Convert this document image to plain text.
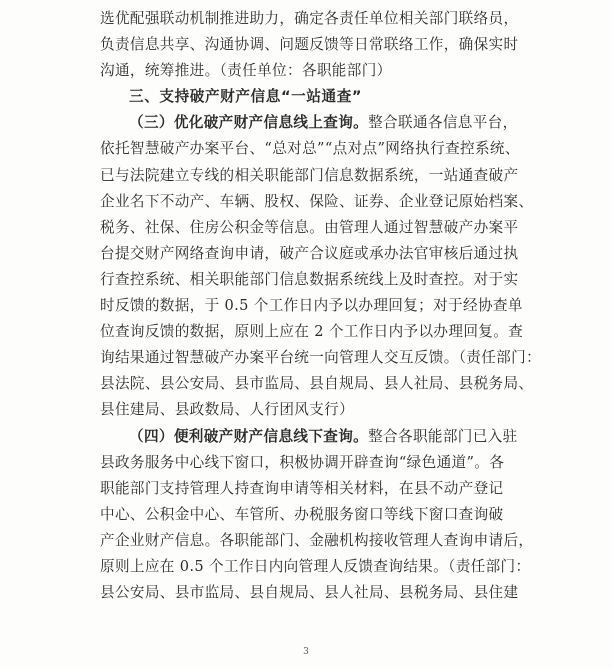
选优配强联动机制推进助力，确定各责任单位相关部门联络员，
负责信息共享、沟通协调、问题反馈等日常联络工作，确保实时
沟通，统筹推进。（责任单位：各职能部门）
三、支持破产财产信息“一站通查”
（三）优化破产财产信息线上查询。整合联通各信息平台，
依托智慧破产办案平台、“总对总”“点对点”网络执行查控系统、
已与法院建立专线的相关职能部门信息数据系统，一站通查破产
企业名下不动产、车辆、股权、保险、证券、企业登记原始档案、
税务、社保、住房公积金等信息。由管理人通过智慧破产办案平
台提交财产网络查询申请，破产合议庭或承办法官审核后通过执
行查控系统、相关职能部门信息数据系统线上及时查控。对于实
时反馈的数据，于 0.5 个工作日内予以办理回复；对于经协查单
位查询反馈的数据，原则上应在 2 个工作日内予以办理回复。查
询结果通过智慧破产办案平台统一向管理人交互反馈。（责任部门：
县法院、县公安局、县市监局、县自规局、县人社局、县税务局、
县住建局、县政数局、人行团风支行）
（四）便利破产财产信息线下查询。整合各职能部门已入驻
县政务服务中心线下窗口，积极协调开辟查询“绿色通道”。各
职能部门支持管理人持查询申请等相关材料，在县不动产登记
中心、公积金中心、车管所、办税服务窗口等线下窗口查询破
产企业财产信息。各职能部门、金融机构接收管理人查询申请后，
原则上应在 0.5 个工作日内向管理人反馈查询结果。（责任部门：
县公安局、县市监局、县自规局、县人社局、县税务局、县住建
3
